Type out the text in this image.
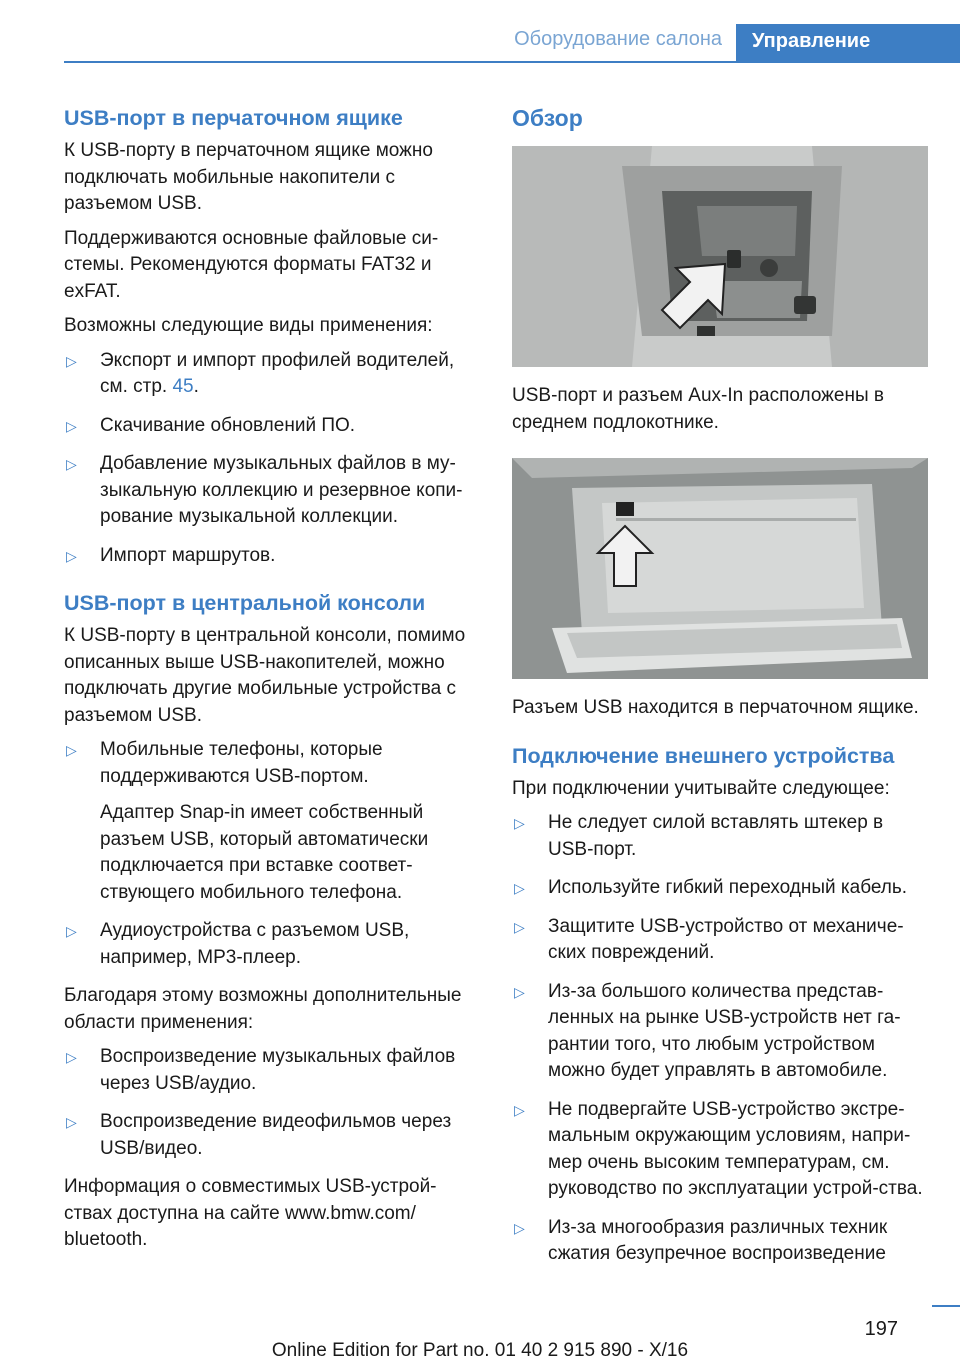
Оборудование салона	Управление
USB-порт в перчаточном ящике

К USB-порту в перчаточном ящике можно подключать мобильные накопители с разъемом USB.

Поддерживаются основные файловые си-стемы. Рекомендуются форматы FAT32 и exFAT.

Возможны следующие виды применения:

▷ Экспорт и импорт профилей водителей, см. стр. 45.
▷ Скачивание обновлений ПО.
▷ Добавление музыкальных файлов в му-зыкальную коллекцию и резервное копи-рование музыкальной коллекции.
▷ Импорт маршрутов.
USB-порт в центральной консоли

К USB-порту в центральной консоли, помимо описанных выше USB-накопителей, можно подключать другие мобильные устройства с разъемом USB.

▷ Мобильные телефоны, которые поддерживаются USB-портом.
Адаптер Snap-in имеет собственный разъем USB, который автоматически подключается при вставке соответ-ствующего мобильного телефона.
▷ Аудиоустройства с разъемом USB, например, MP3-плеер.

Благодаря этому возможны дополнительные области применения:

▷ Воспроизведение музыкальных файлов через USB/аудио.
▷ Воспроизведение видеофильмов через USB/видео.

Информация о совместимых USB-устрой-ствах доступна на сайте www.bmw.com/ bluetooth.

Обзор

USB-порт и разъем Aux-In расположены в среднем подлокотнике.

Разъем USB находится в перчаточном ящике.

Подключение внешнего устройства

При подключении учитывайте следующее:

▷ Не следует силой вставлять штекер в USB-порт.
▷ Используйте гибкий переходный кабель.
▷ Защитите USB-устройство от механиче-ских повреждений.
▷ Из-за большого количества представ-ленных на рынке USB-устройств нет га-рантии того, что любым устройством можно будет управлять в автомобиле.
▷ Не подвергайте USB-устройство экстре-мальным окружающим условиям, напри-мер очень высоким температурам, см. руководство по эксплуатации устрой-ства.
▷ Из-за многообразия различных техник сжатия безупречное воспроизведение
197
Online Edition for Part no. 01 40 2 915 890 - X/16
